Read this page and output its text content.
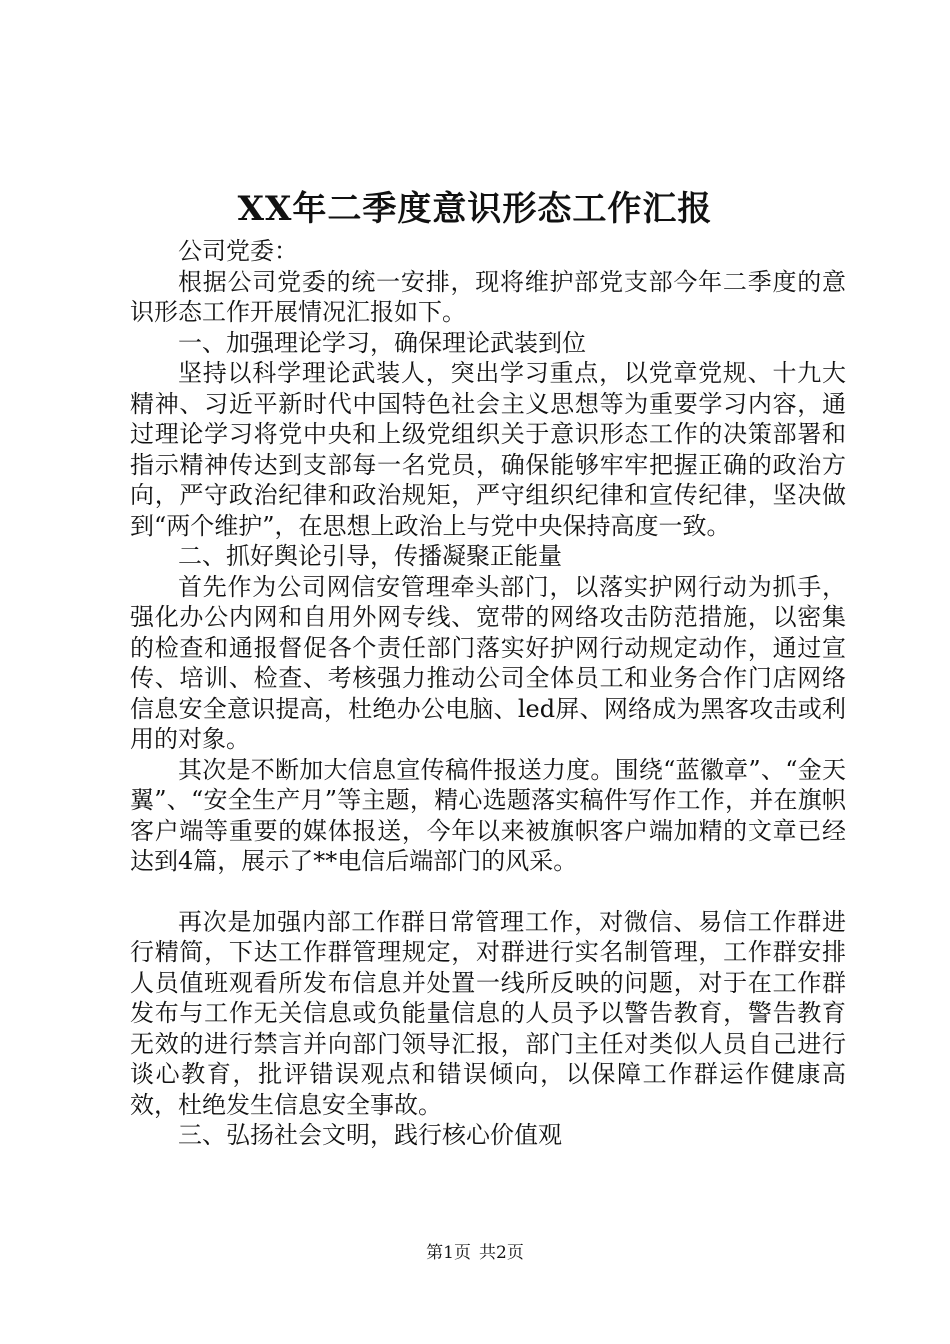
XX年二季度意识形态工作汇报

公司党委：

根据公司党委的统一安排，现将维护部党支部今年二季度的意识形态工作开展情况汇报如下。

一、加强理论学习，确保理论武装到位

坚持以科学理论武装人，突出学习重点，以党章党规、十九大精神、习近平新时代中国特色社会主义思想等为重要学习内容，通过理论学习将党中央和上级党组织关于意识形态工作的决策部署和指示精神传达到支部每一名党员，确保能够牢牢把握正确的政治方向，严守政治纪律和政治规矩，严守组织纪律和宣传纪律，坚决做到“两个维护”，在思想上政治上与党中央保持高度一致。

二、抓好舆论引导，传播凝聚正能量

首先作为公司网信安管理牵头部门，以落实护网行动为抓手，强化办公内网和自用外网专线、宽带的网络攻击防范措施，以密集的检查和通报督促各个责任部门落实好护网行动规定动作，通过宣传、培训、检查、考核强力推动公司全体员工和业务合作门店网络信息安全意识提高，杜绝办公电脑、led屏、网络成为黑客攻击或利用的对象。

其次是不断加大信息宣传稿件报送力度。围绕“蓝徽章”、“金天翼”、“安全生产月”等主题，精心选题落实稿件写作工作，并在旗帜客户端等重要的媒体报送，今年以来被旗帜客户端加精的文章已经达到4篇，展示了**电信后端部门的风采。

再次是加强内部工作群日常管理工作，对微信、易信工作群进行精简，下达工作群管理规定，对群进行实名制管理，工作群安排人员值班观看所发布信息并处置一线所反映的问题，对于在工作群发布与工作无关信息或负能量信息的人员予以警告教育，警告教育无效的进行禁言并向部门领导汇报，部门主任对类似人员自己进行谈心教育，批评错误观点和错误倾向，以保障工作群运作健康高效，杜绝发生信息安全事故。

三、弘扬社会文明，践行核心价值观

第1页 共2页
